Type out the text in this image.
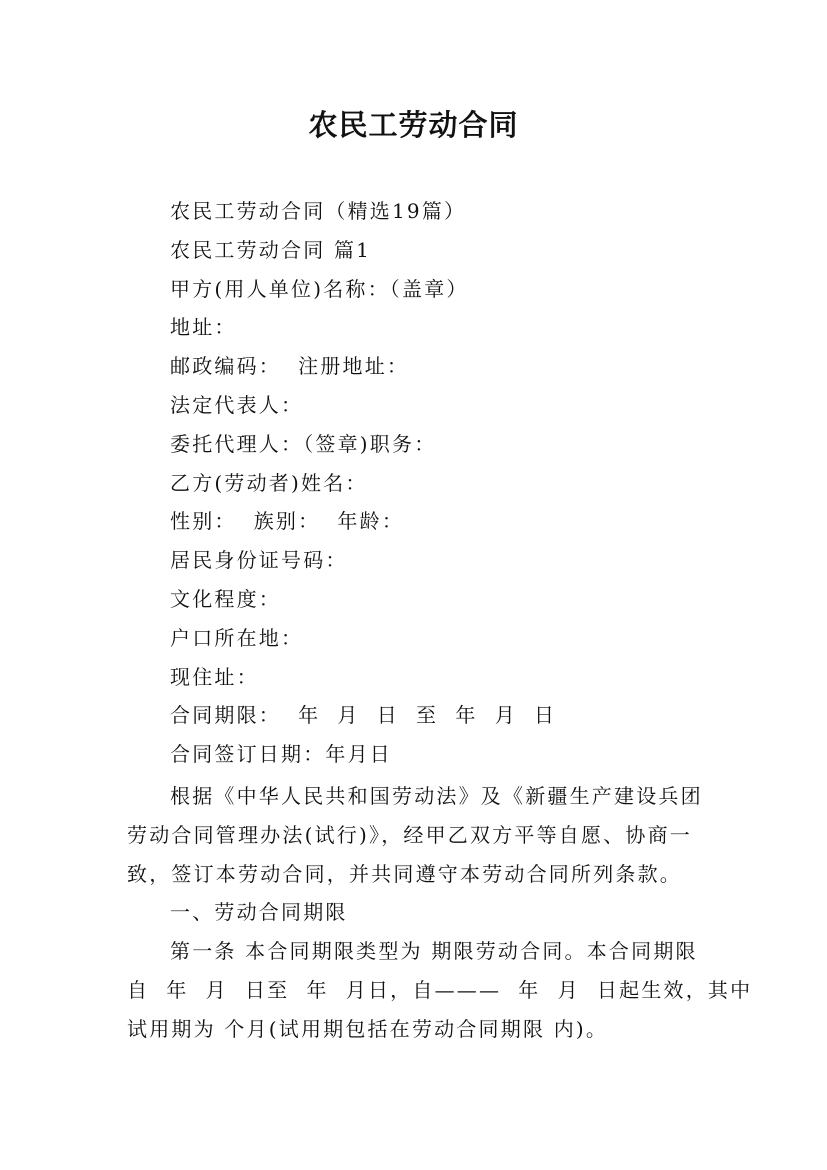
农民工劳动合同
农民工劳动合同（精选19篇）
农民工劳动合同 篇1
甲方(用人单位)名称：（盖章）
地址：
邮政编码：  注册地址：
法定代表人：
委托代理人：（签章)职务：
乙方(劳动者)姓名：
性别：  族别：  年龄：
居民身份证号码：
文化程度：
户口所在地：
现住址：
合同期限：  年  月  日  至  年  月  日
合同签订日期：年月日
根据《中华人民共和国劳动法》及《新疆生产建设兵团
劳动合同管理办法(试行)》，经甲乙双方平等自愿、协商一
致，签订本劳动合同，并共同遵守本劳动合同所列条款。
一、劳动合同期限
第一条 本合同期限类型为 期限劳动合同。本合同期限
自  年  月  日至  年  月日，自———  年  月  日起生效，其中
试用期为 个月(试用期包括在劳动合同期限 内)。
